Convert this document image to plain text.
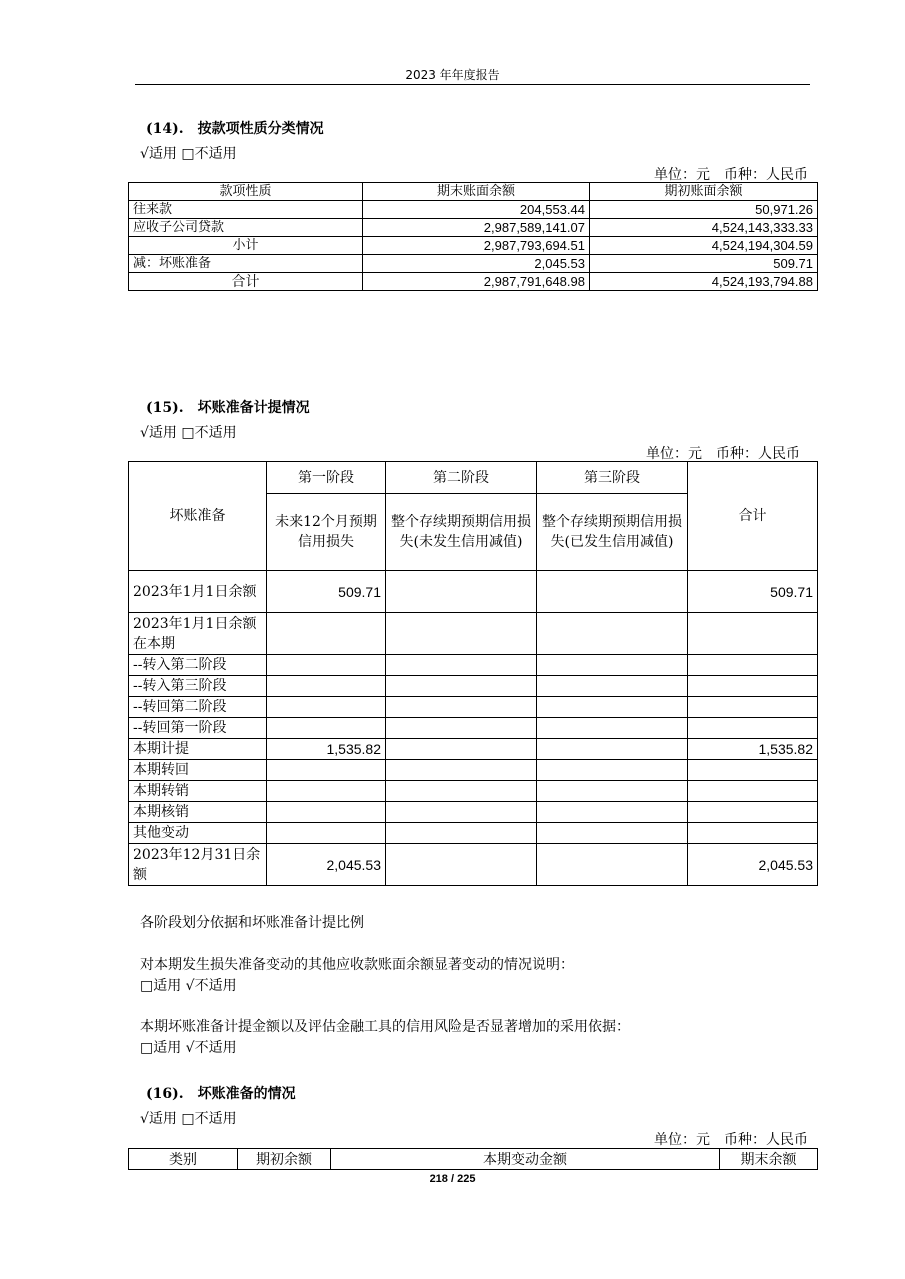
2023 年年度报告
(14).　按款项性质分类情况
√适用 □不适用
单位：元　币种：人民币
款项性质	期末账面余额	期初账面余额
往来款	204,553.44	50,971.26
应收子公司贷款	2,987,589,141.07	4,524,143,333.33
小计	2,987,793,694.51	4,524,194,304.59
减：坏账准备	2,045.53	509.71
合计	2,987,791,648.98	4,524,193,794.88
(15).　坏账准备计提情况
√适用 □不适用
单位：元　币种：人民币
坏账准备	第一阶段	第二阶段	第三阶段	合计
	未来12个月预期信用损失	整个存续期预期信用损失(未发生信用减值)	整个存续期预期信用损失(已发生信用减值)	
2023年1月1日余额	509.71			509.71
2023年1月1日余额在本期				
--转入第二阶段				
--转入第三阶段				
--转回第二阶段				
--转回第一阶段				
本期计提	1,535.82			1,535.82
本期转回				
本期转销				
本期核销				
其他变动				
2023年12月31日余额	2,045.53			2,045.53
各阶段划分依据和坏账准备计提比例
对本期发生损失准备变动的其他应收款账面余额显著变动的情况说明：
□适用 √不适用
本期坏账准备计提金额以及评估金融工具的信用风险是否显著增加的采用依据：
□适用 √不适用
(16).　坏账准备的情况
√适用 □不适用
单位：元　币种：人民币
类别	期初余额	本期变动金额	期末余额
218 / 225
